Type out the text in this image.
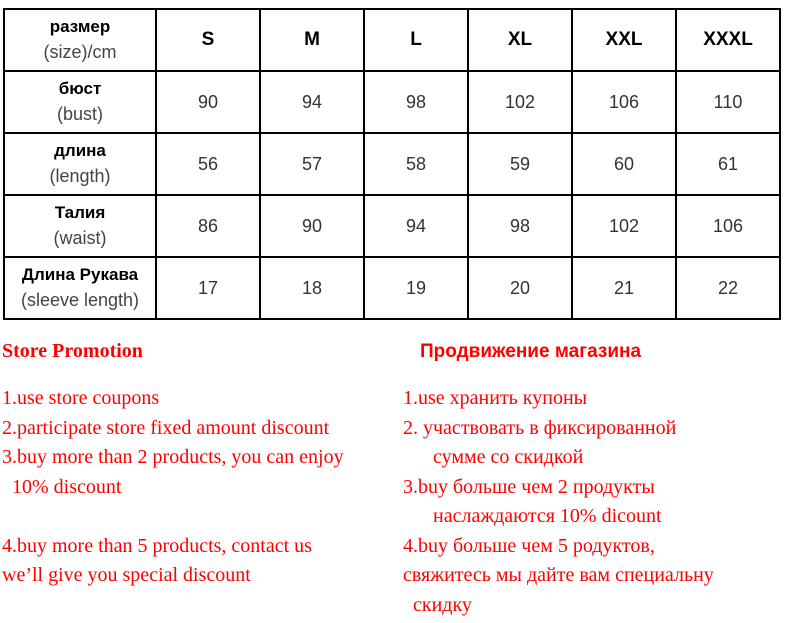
размер
(size)/cm	S	M	L	XL	XXL	XXXL

бюст
(bust)	90	94	98	102	106	110

длина
(length)	56	57	58	59	60	61

Талия
(waist)	86	90	94	98	102	106

Длина Рукава
(sleeve length)	17	18	19	20	21	22
Store Promotion	Продвижение магазина
1.use store coupons
2.participate store fixed amount discount
3.buy more than 2 products, you can enjoy
10% discount
4.buy more than 5 products, contact us
we’ll give you special discount
1.use хранить купоны
2. участвовать в фиксированной
сумме со скидкой
3.buy больше чем 2 продукты
наслаждаются 10% dicount
4.buy больше чем 5 родуктов,
свяжитесь мы дайте вам специальну
скидку
